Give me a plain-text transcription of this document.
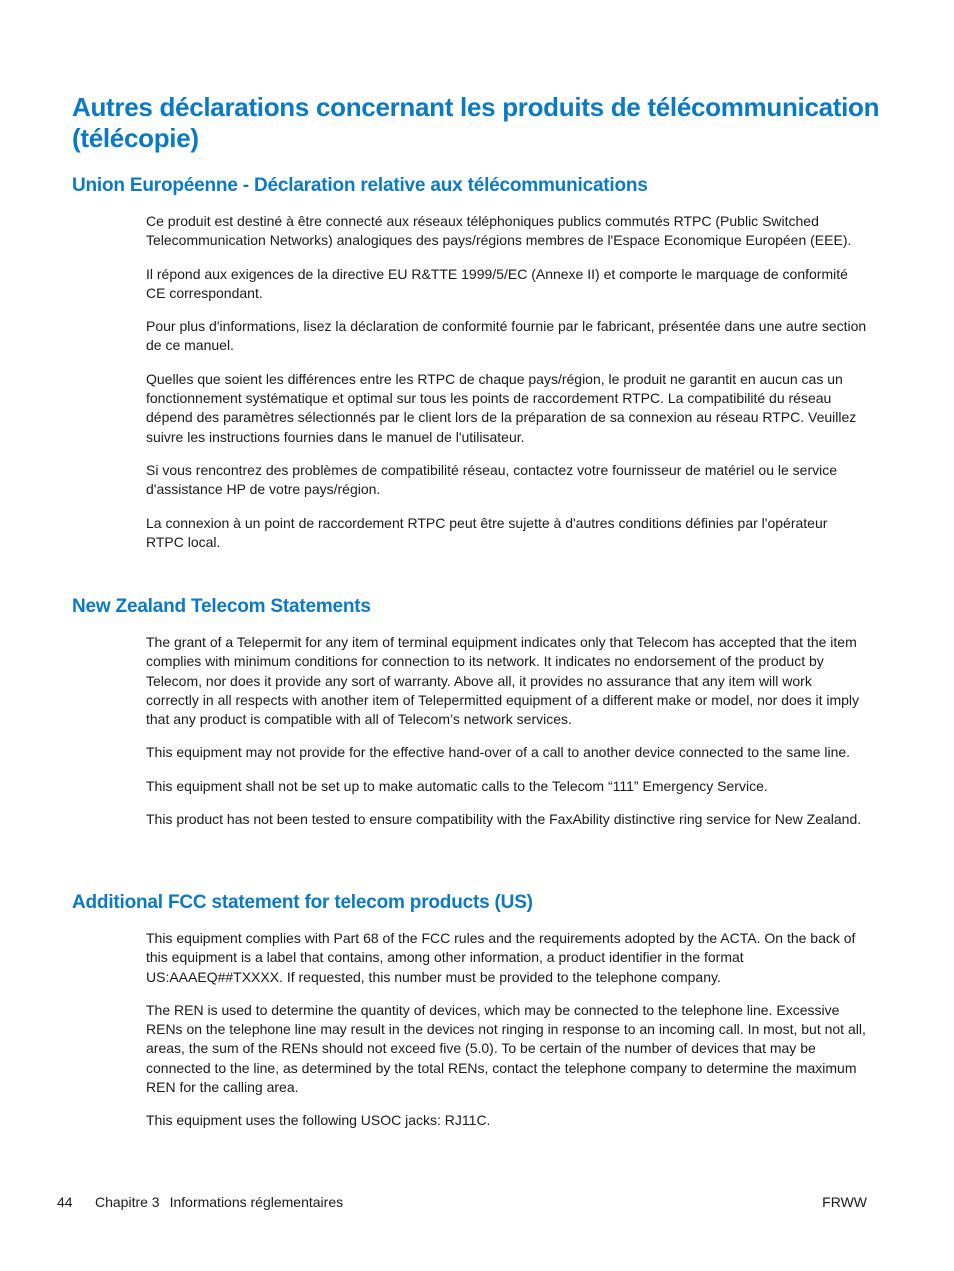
Autres déclarations concernant les produits de télécommunication (télécopie)
Union Européenne - Déclaration relative aux télécommunications

Ce produit est destiné à être connecté aux réseaux téléphoniques publics commutés RTPC (Public Switched Telecommunication Networks) analogiques des pays/régions membres de l'Espace Economique Européen (EEE).

Il répond aux exigences de la directive EU R&TTE 1999/5/EC (Annexe II) et comporte le marquage de conformité CE correspondant.

Pour plus d'informations, lisez la déclaration de conformité fournie par le fabricant, présentée dans une autre section de ce manuel.

Quelles que soient les différences entre les RTPC de chaque pays/région, le produit ne garantit en aucun cas un fonctionnement systématique et optimal sur tous les points de raccordement RTPC. La compatibilité du réseau dépend des paramètres sélectionnés par le client lors de la préparation de sa connexion au réseau RTPC. Veuillez suivre les instructions fournies dans le manuel de l'utilisateur.

Si vous rencontrez des problèmes de compatibilité réseau, contactez votre fournisseur de matériel ou le service d'assistance HP de votre pays/région.

La connexion à un point de raccordement RTPC peut être sujette à d'autres conditions définies par l'opérateur RTPC local.

New Zealand Telecom Statements

The grant of a Telepermit for any item of terminal equipment indicates only that Telecom has accepted that the item complies with minimum conditions for connection to its network. It indicates no endorsement of the product by Telecom, nor does it provide any sort of warranty. Above all, it provides no assurance that any item will work correctly in all respects with another item of Telepermitted equipment of a different make or model, nor does it imply that any product is compatible with all of Telecom’s network services.

This equipment may not provide for the effective hand-over of a call to another device connected to the same line.

This equipment shall not be set up to make automatic calls to the Telecom “111” Emergency Service.

This product has not been tested to ensure compatibility with the FaxAbility distinctive ring service for New Zealand.

Additional FCC statement for telecom products (US)

This equipment complies with Part 68 of the FCC rules and the requirements adopted by the ACTA. On the back of this equipment is a label that contains, among other information, a product identifier in the format US:AAAEQ##TXXXX. If requested, this number must be provided to the telephone company.

The REN is used to determine the quantity of devices, which may be connected to the telephone line. Excessive RENs on the telephone line may result in the devices not ringing in response to an incoming call. In most, but not all, areas, the sum of the RENs should not exceed five (5.0). To be certain of the number of devices that may be connected to the line, as determined by the total RENs, contact the telephone company to determine the maximum REN for the calling area.

This equipment uses the following USOC jacks: RJ11C.

44 Chapitre 3 Informations réglementaires	FRWW
